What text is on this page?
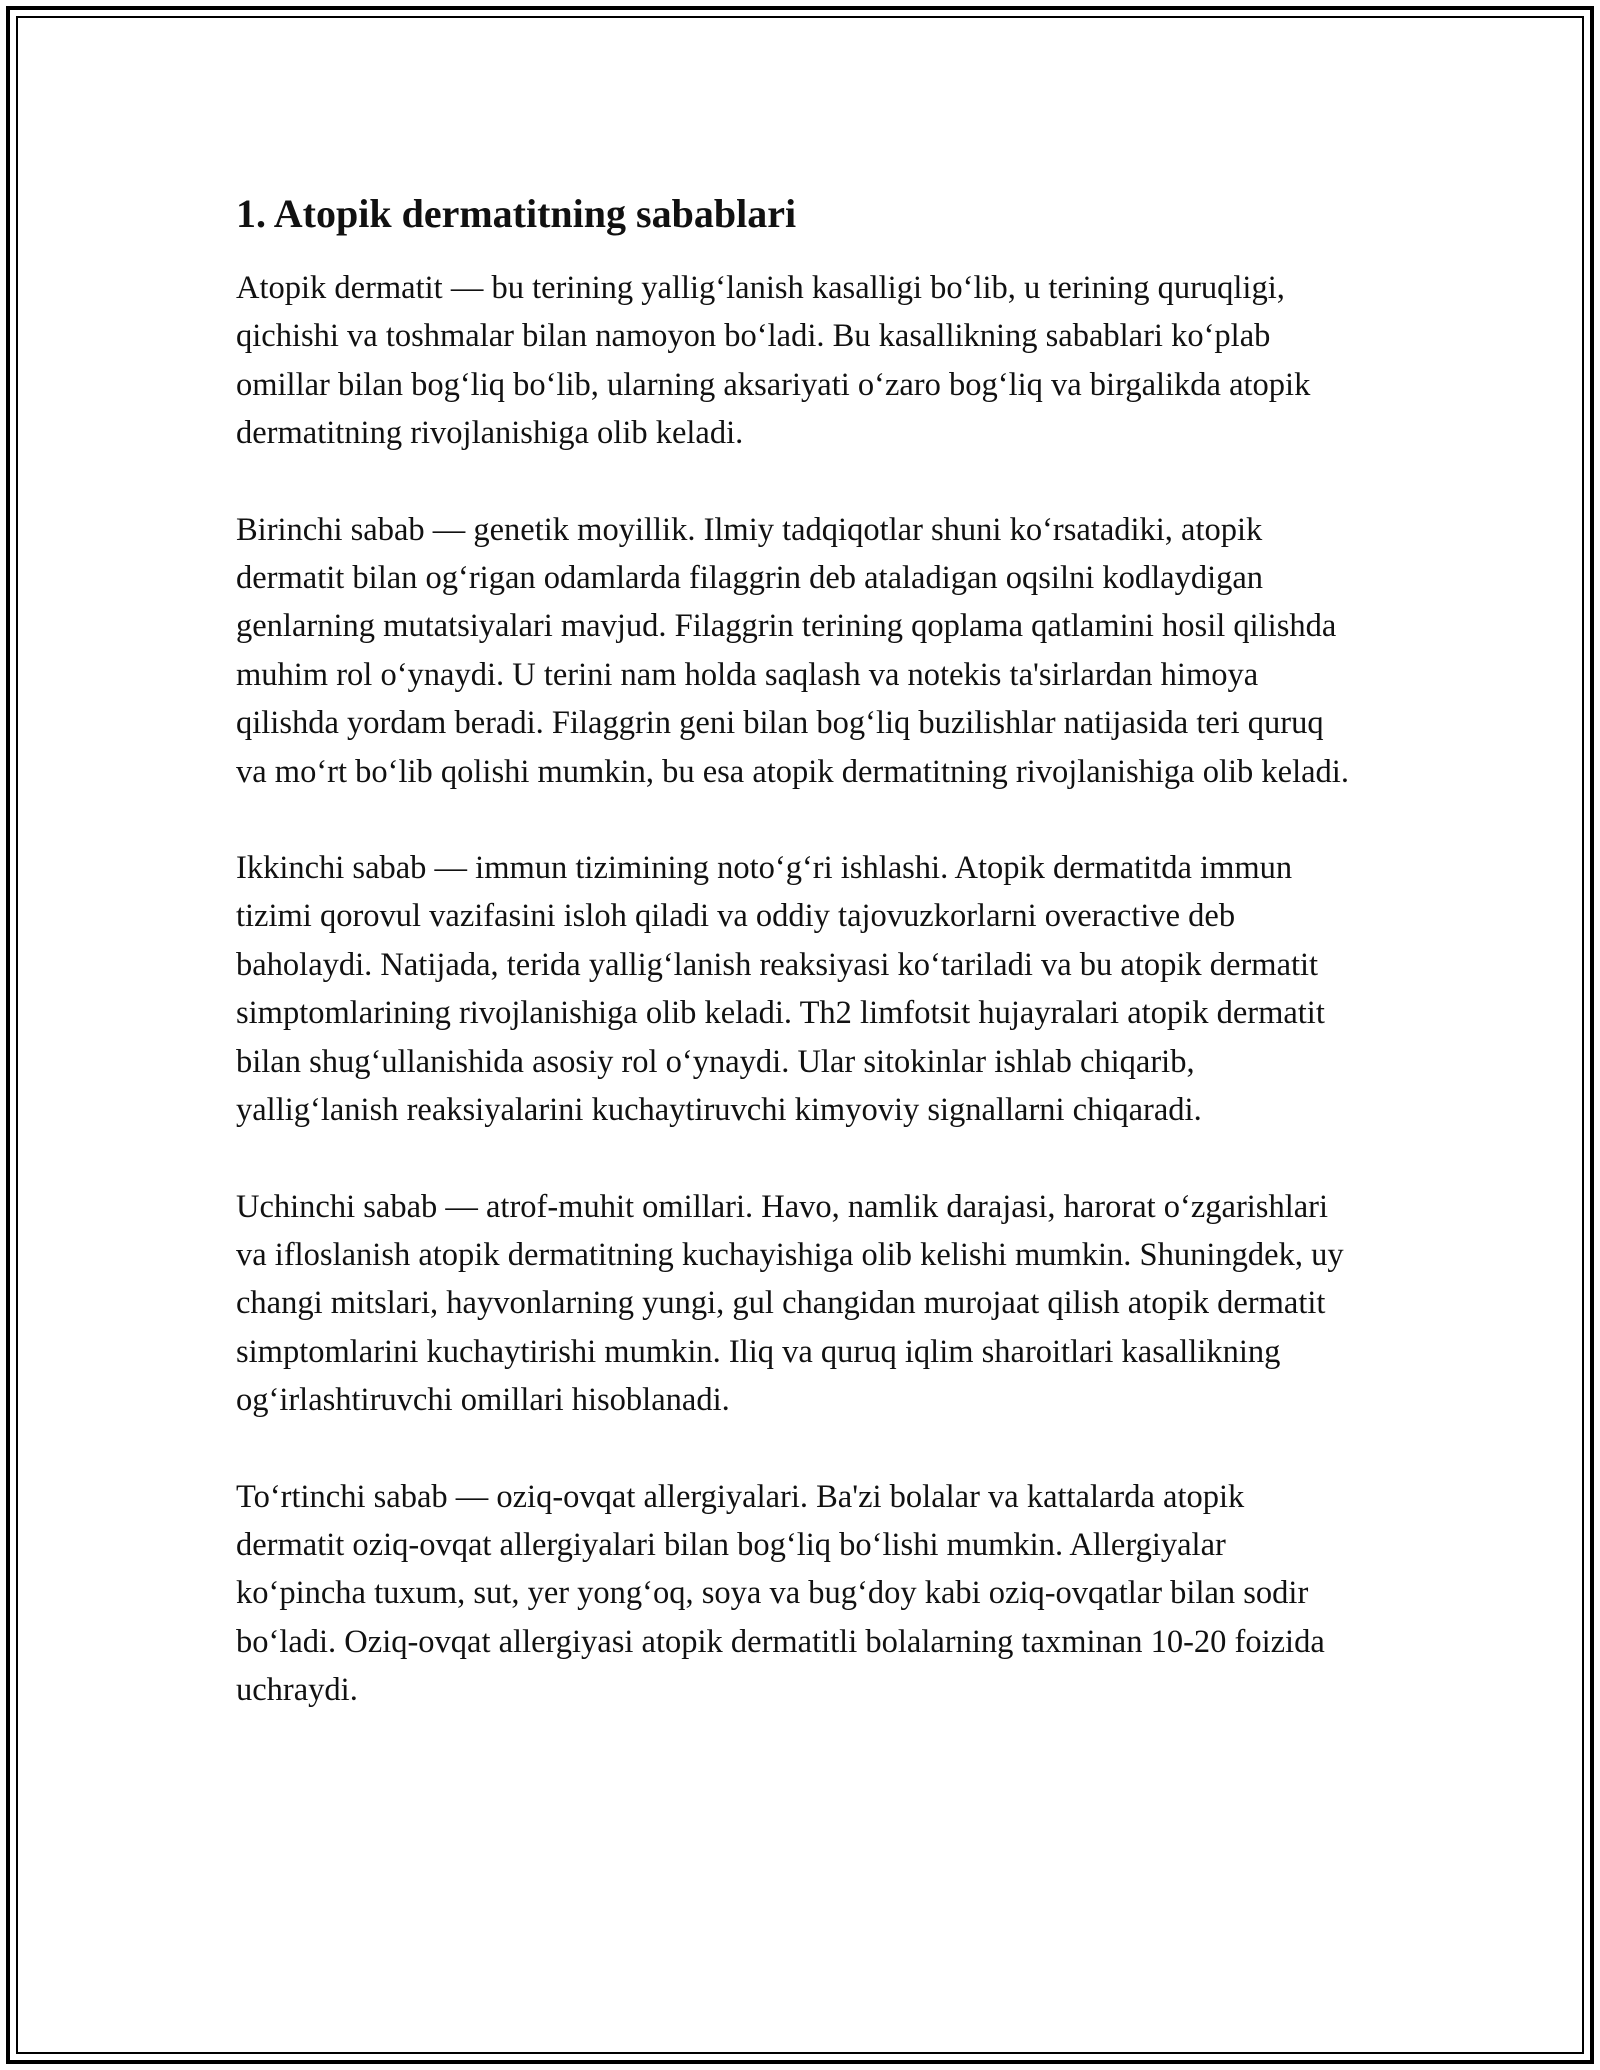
1. Atopik dermatitning sabablari

Atopik dermatit — bu terining yallig‘lanish kasalligi bo‘lib, u terining quruqligi, qichishi va toshmalar bilan namoyon bo‘ladi. Bu kasallikning sabablari ko‘plab omillar bilan bog‘liq bo‘lib, ularning aksariyati o‘zaro bog‘liq va birgalikda atopik dermatitning rivojlanishiga olib keladi.

Birinchi sabab — genetik moyillik. Ilmiy tadqiqotlar shuni ko‘rsatadiki, atopik dermatit bilan og‘rigan odamlarda filaggrin deb ataladigan oqsilni kodlaydigan genlarning mutatsiyalari mavjud. Filaggrin terining qoplama qatlamini hosil qilishda muhim rol o‘ynaydi. U terini nam holda saqlash va notekis ta'sirlardan himoya qilishda yordam beradi. Filaggrin geni bilan bog‘liq buzilishlar natijasida teri quruq va mo‘rt bo‘lib qolishi mumkin, bu esa atopik dermatitning rivojlanishiga olib keladi.

Ikkinchi sabab — immun tizimining noto‘g‘ri ishlashi. Atopik dermatitda immun tizimi qorovul vazifasini isloh qiladi va oddiy tajovuzkorlarni overactive deb baholaydi. Natijada, terida yallig‘lanish reaksiyasi ko‘tariladi va bu atopik dermatit simptomlarining rivojlanishiga olib keladi. Th2 limfotsit hujayralari atopik dermatit bilan shug‘ullanishida asosiy rol o‘ynaydi. Ular sitokinlar ishlab chiqarib, yallig‘lanish reaksiyalarini kuchaytiruvchi kimyoviy signallarni chiqaradi.

Uchinchi sabab — atrof-muhit omillari. Havo, namlik darajasi, harorat o‘zgarishlari va ifloslanish atopik dermatitning kuchayishiga olib kelishi mumkin. Shuningdek, uy changi mitslari, hayvonlarning yungi, gul changidan murojaat qilish atopik dermatit simptomlarini kuchaytirishi mumkin. Iliq va quruq iqlim sharoitlari kasallikning og‘irlashtiruvchi omillari hisoblanadi.

To‘rtinchi sabab — oziq-ovqat allergiyalari. Ba'zi bolalar va kattalarda atopik dermatit oziq-ovqat allergiyalari bilan bog‘liq bo‘lishi mumkin. Allergiyalar ko‘pincha tuxum, sut, yer yong‘oq, soya va bug‘doy kabi oziq-ovqatlar bilan sodir bo‘ladi. Oziq-ovqat allergiyasi atopik dermatitli bolalarning taxminan 10-20 foizida uchraydi.
